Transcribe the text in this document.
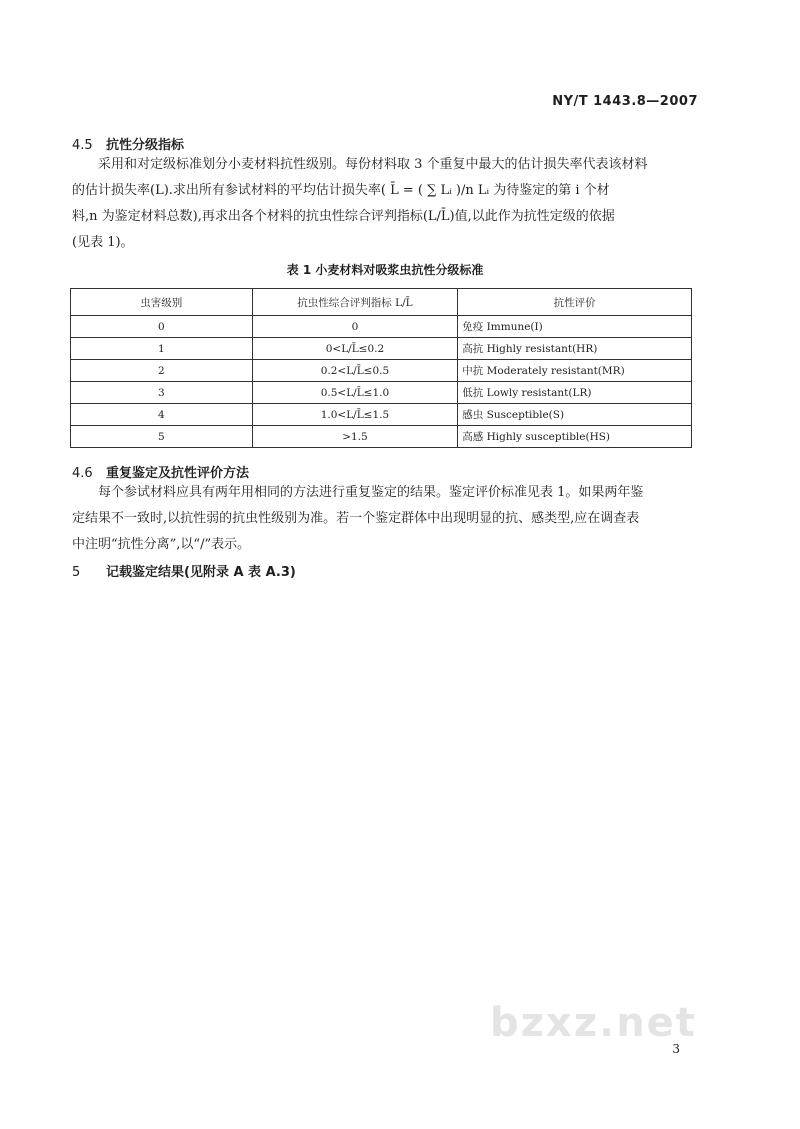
NY/T 1443.8—2007
4.5 抗性分级指标
采用和对定级标准划分小麦材料抗性级别。每份材料取 3 个重复中最大的估计损失率代表该材料
的估计损失率(L).求出所有参试材料的平均估计损失率( L̄ = ( ∑ Lᵢ )/n Lᵢ 为待鉴定的第 i 个材
料,n 为鉴定材料总数),再求出各个材料的抗虫性综合评判指标(L/L̄)值,以此作为抗性定级的依据
(见表 1)。
表 1 小麦材料对吸浆虫抗性分级标准
虫害级别	抗虫性综合评判指标 L/L̄	抗性评价
0	0	免疫 Immune(I)
1	0<L/L̄≤0.2	高抗 Highly resistant(HR)
2	0.2<L/L̄≤0.5	中抗 Moderately resistant(MR)
3	0.5<L/L̄≤1.0	低抗 Lowly resistant(LR)
4	1.0<L/L̄≤1.5	感虫 Susceptible(S)
5	>1.5	高感 Highly susceptible(HS)
4.6 重复鉴定及抗性评价方法
每个参试材料应具有两年用相同的方法进行重复鉴定的结果。鉴定评价标准见表 1。如果两年鉴
定结果不一致时,以抗性弱的抗虫性级别为准。若一个鉴定群体中出现明显的抗、感类型,应在调查表
中注明“抗性分离”,以“/”表示。
5 记载鉴定结果(见附录 A 表 A.3)
bzxz.net
3
